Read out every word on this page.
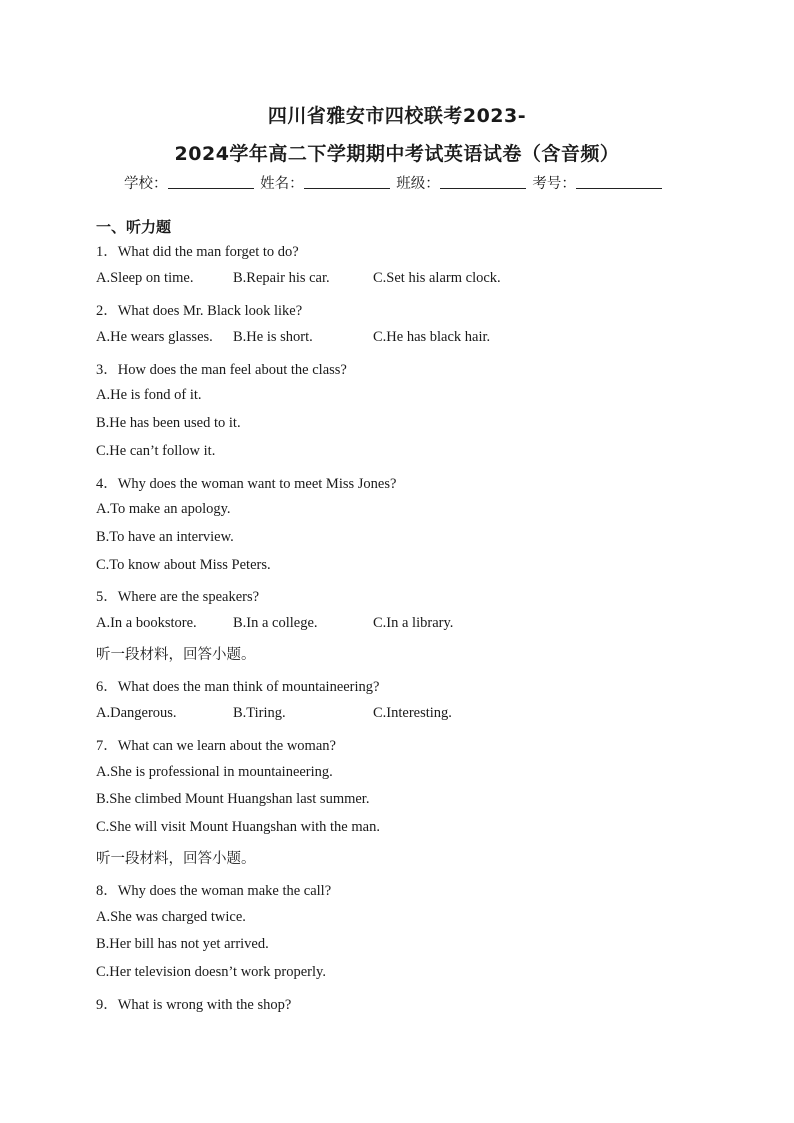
四川省雅安市四校联考2023-
2024学年高二下学期期中考试英语试卷（含音频）
学校：	姓名：	班级：	考号：
一、听力题
1．What did the man forget to do?
A.Sleep on time.	B.Repair his car.	C.Set his alarm clock.
2．What does Mr. Black look like?
A.He wears glasses. B.He is short.	C.He has black hair.
3．How does the man feel about the class?
A.He is fond of it.
B.He has been used to it.
C.He can’t follow it.
4．Why does the woman want to meet Miss Jones?
A.To make an apology.
B.To have an interview.
C.To know about Miss Peters.
5．Where are the speakers?
A.In a bookstore.	B.In a college.	C.In a library.
听一段材料，回答小题。
6．What does the man think of mountaineering?
A.Dangerous.	B.Tiring.	C.Interesting.
7．What can we learn about the woman?
A.She is professional in mountaineering.
B.She climbed Mount Huangshan last summer.
C.She will visit Mount Huangshan with the man.
听一段材料，回答小题。
8．Why does the woman make the call?
A.She was charged twice.
B.Her bill has not yet arrived.
C.Her television doesn’t work properly.
9．What is wrong with the shop?
